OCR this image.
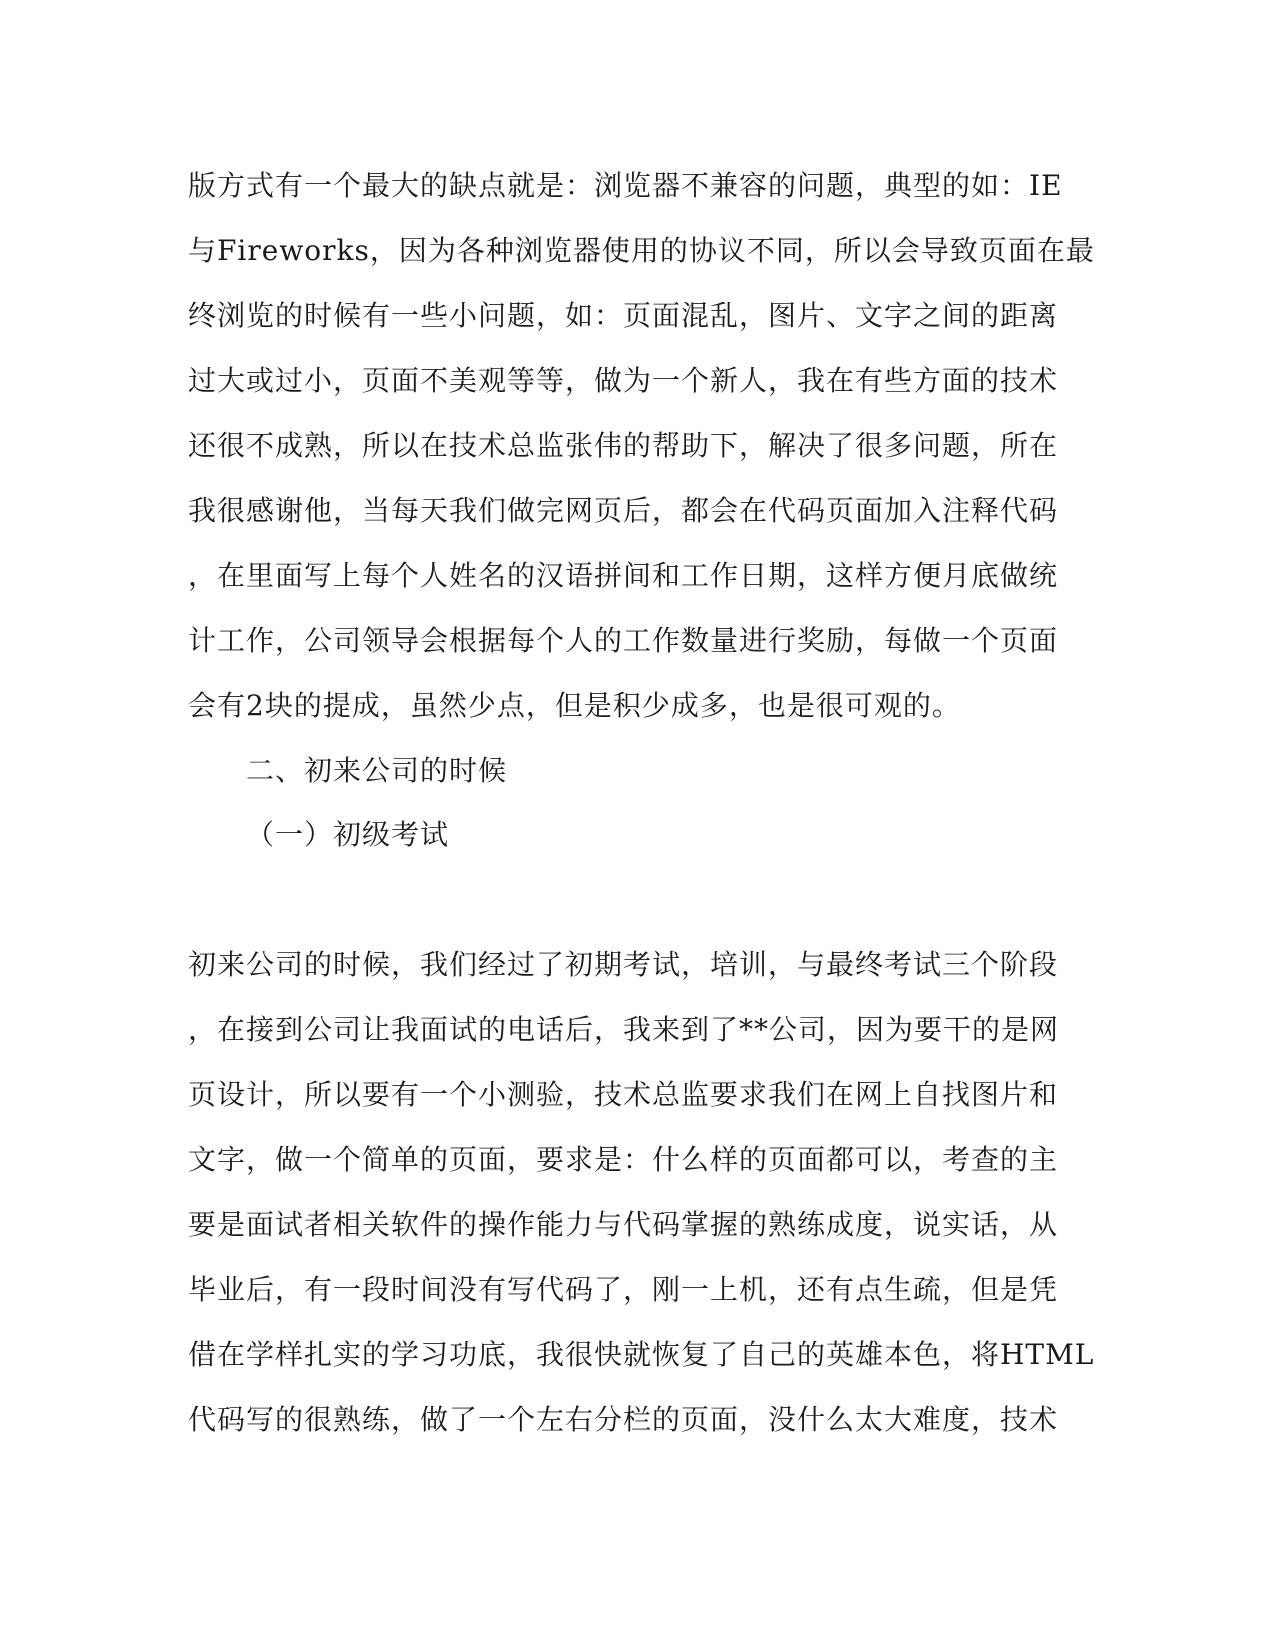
版方式有一个最大的缺点就是：浏览器不兼容的问题，典型的如：IE
与Fireworks，因为各种浏览器使用的协议不同，所以会导致页面在最
终浏览的时候有一些小问题，如：页面混乱，图片、文字之间的距离
过大或过小，页面不美观等等，做为一个新人，我在有些方面的技术
还很不成熟，所以在技术总监张伟的帮助下，解决了很多问题，所在
我很感谢他，当每天我们做完网页后，都会在代码页面加入注释代码
，在里面写上每个人姓名的汉语拼间和工作日期，这样方便月底做统
计工作，公司领导会根据每个人的工作数量进行奖励，每做一个页面
会有2块的提成，虽然少点，但是积少成多，也是很可观的。
二、初来公司的时候
（一）初级考试
初来公司的时候，我们经过了初期考试，培训，与最终考试三个阶段
，在接到公司让我面试的电话后，我来到了**公司，因为要干的是网
页设计，所以要有一个小测验，技术总监要求我们在网上自找图片和
文字，做一个简单的页面，要求是：什么样的页面都可以，考查的主
要是面试者相关软件的操作能力与代码掌握的熟练成度，说实话，从
毕业后，有一段时间没有写代码了，刚一上机，还有点生疏，但是凭
借在学样扎实的学习功底，我很快就恢复了自己的英雄本色，将HTML
代码写的很熟练，做了一个左右分栏的页面，没什么太大难度，技术
